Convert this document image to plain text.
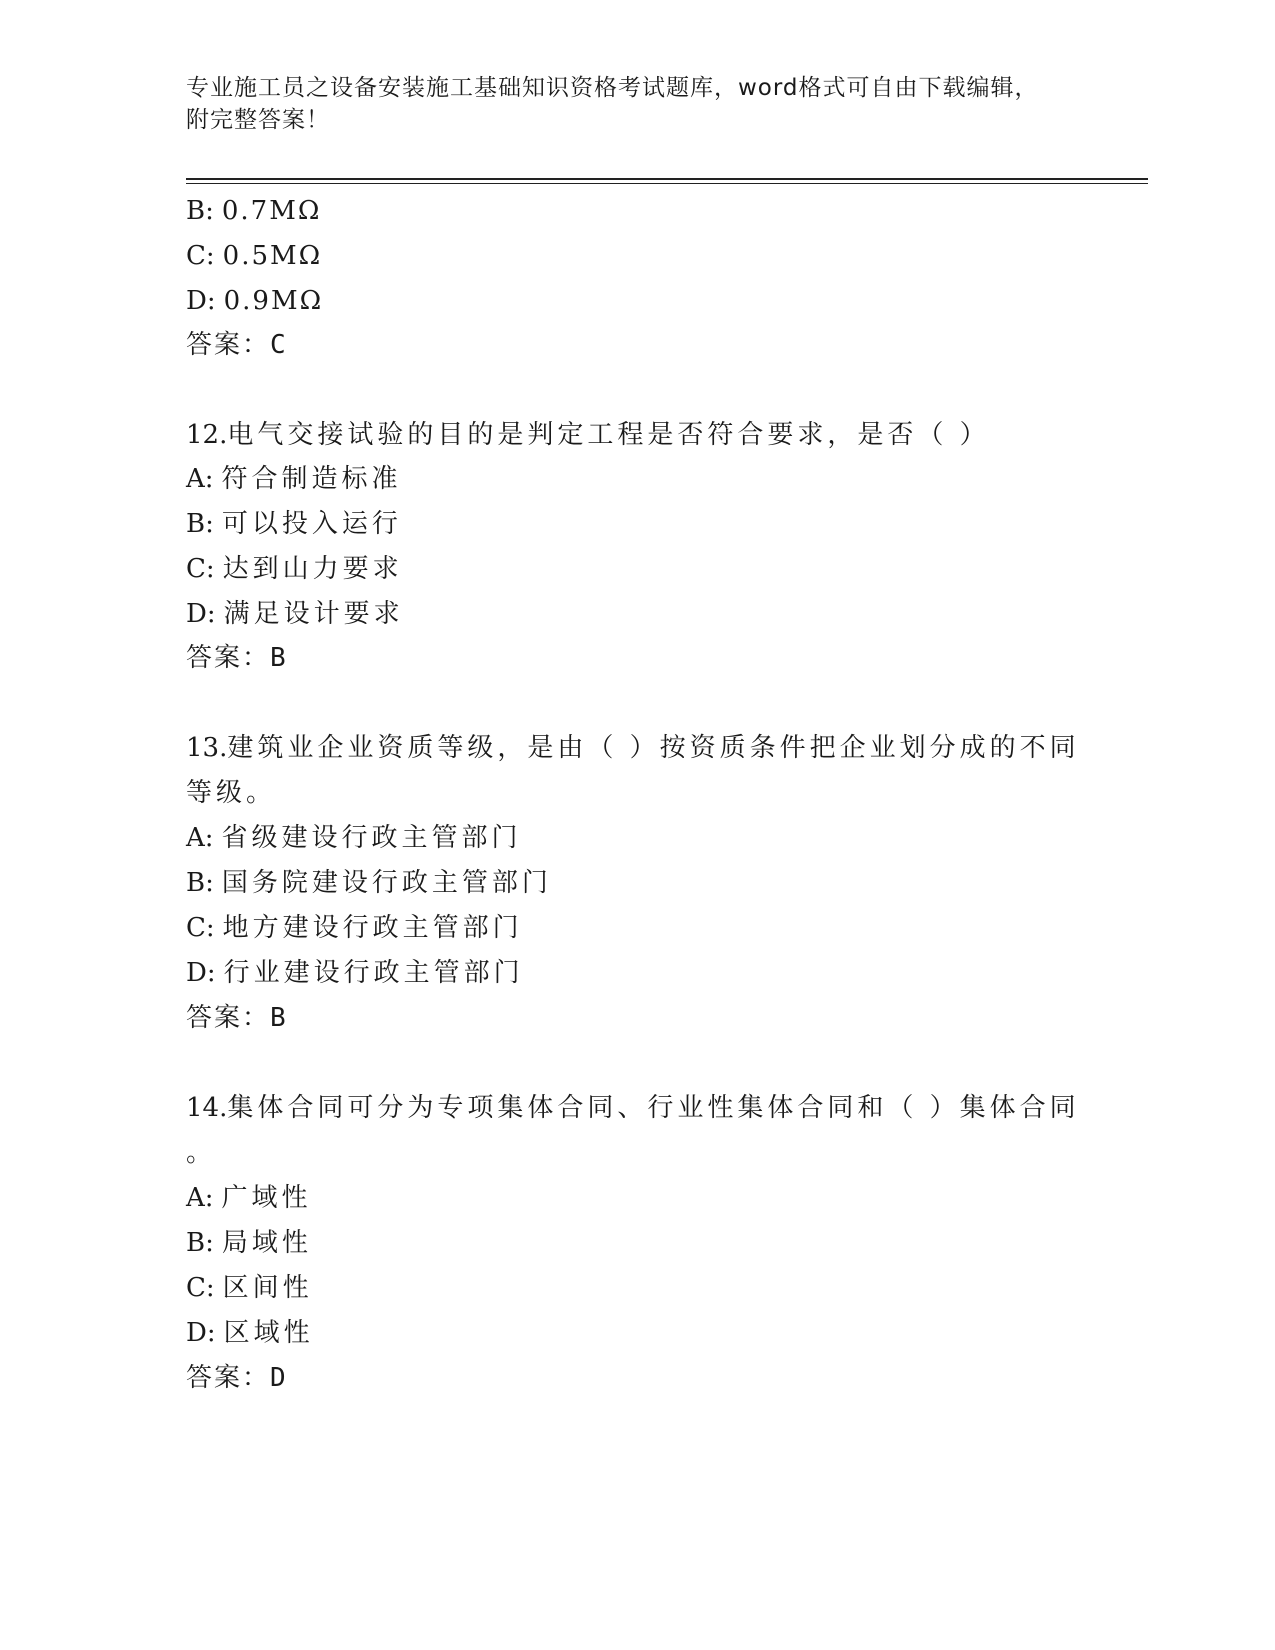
专业施工员之设备安装施工基础知识资格考试题库，word格式可自由下载编辑，
附完整答案！
B: 0.7MΩ
C: 0.5MΩ
D: 0.9MΩ
答案：C
12.电气交接试验的目的是判定工程是否符合要求，是否（ ）
A: 符合制造标准
B: 可以投入运行
C: 达到山力要求
D: 满足设计要求
答案：B
13.建筑业企业资质等级，是由（ ）按资质条件把企业划分成的不同
等级。
A: 省级建设行政主管部门
B: 国务院建设行政主管部门
C: 地方建设行政主管部门
D: 行业建设行政主管部门
答案：B
14.集体合同可分为专项集体合同、行业性集体合同和（ ）集体合同
。
A: 广域性
B: 局域性
C: 区间性
D: 区域性
答案：D
